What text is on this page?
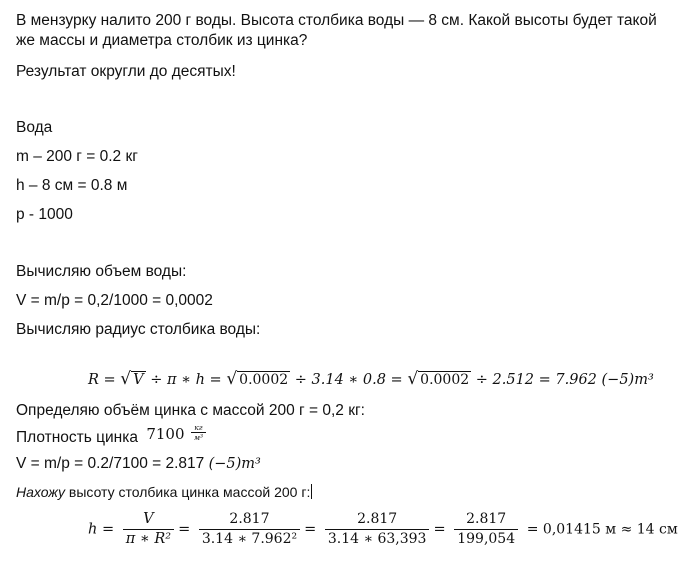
В мензурку налито 200 г воды. Высота столбика воды — 8 см. Какой высоты будет такой
же массы и диаметра столбик из цинка?
Результат округли до десятых!
Вода
m – 200 г = 0.2 кг
h – 8 см = 0.8 м
p - 1000
Вычисляю объем воды:
V = m/p = 0,2/1000 = 0,0002
Вычисляю радиус столбика воды:
R = √ V ÷ π ∗ h = √ 0.0002 ÷ 3.14 ∗ 0.8 = √ 0.0002 ÷ 2.512 = 7.962 (−5)m³
Определяю объём цинка с массой 200 г = 0,2 кг:
Плотность цинка $7100 \frac{кг}{\text{м³}}$
V = m/p = 0.2/7100 = 2.817 (−5)m³
Нахожу высоту столбика цинка массой 200 г:
$h = \frac{V}{\text{π ∗ R²}} = \frac{2.817}{\text{3.14 ∗ 7.962²}} = \frac{2.817}{3.14 ∗ 63,393} = \frac{2.817}{199,054} = 0,01415$ м ≈ 14 см
